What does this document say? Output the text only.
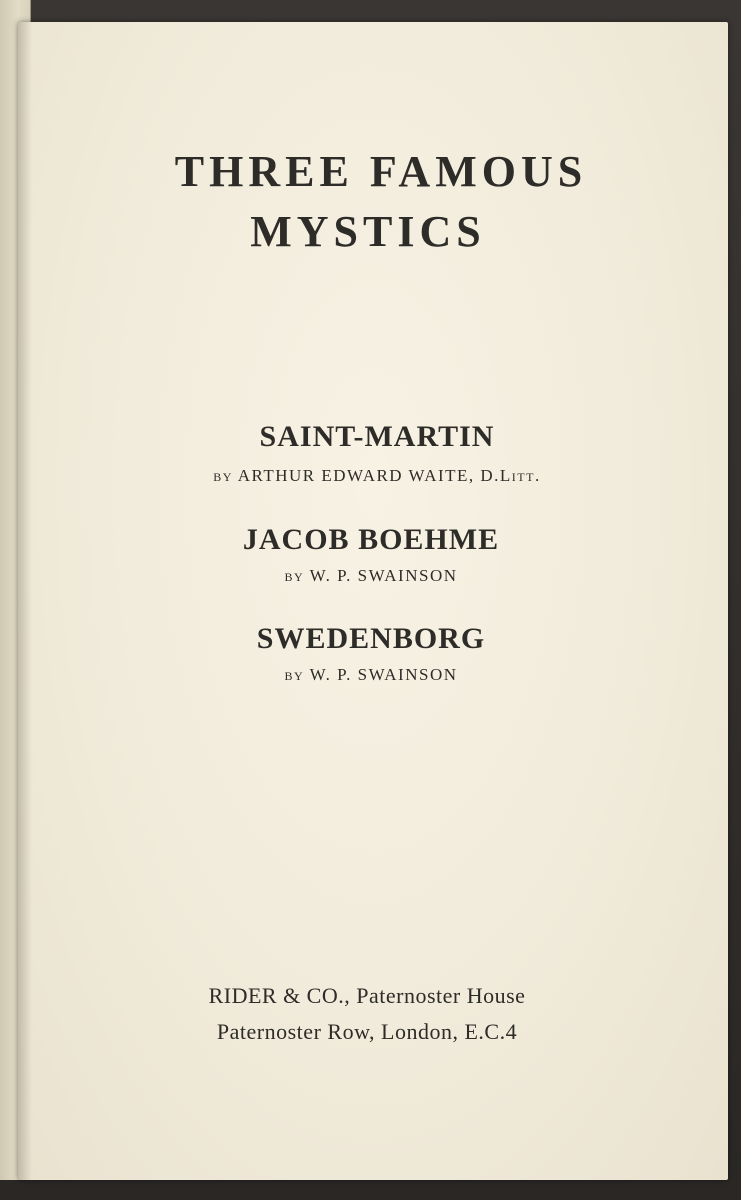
THREE FAMOUS
MYSTICS
SAINT-MARTIN
by ARTHUR EDWARD WAITE, D.Litt.
JACOB BOEHME
by W. P. SWAINSON
SWEDENBORG
by W. P. SWAINSON
RIDER & CO., Paternoster House
Paternoster Row, London, E.C.4
